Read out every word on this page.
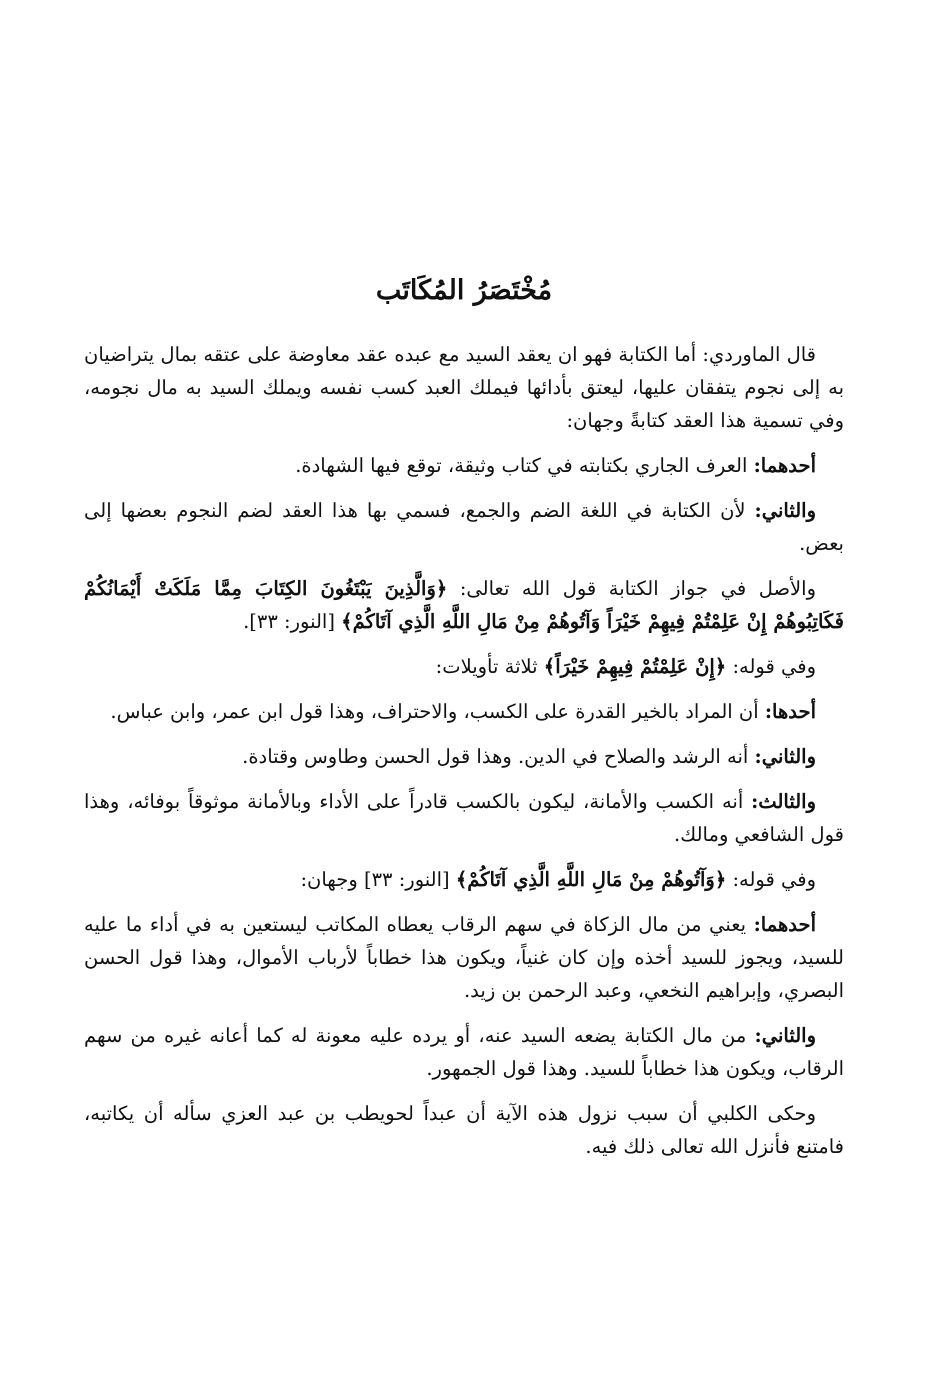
مُخْتَصَرُ المُكَاتَب

قال الماوردي: أما الكتابة فهو ان يعقد السيد مع عبده عقد معاوضة على عتقه بمال يتراضيان به إلى نجوم يتفقان عليها، ليعتق بأدائها فيملك العبد كسب نفسه ويملك السيد به مال نجومه، وفي تسمية هذا العقد كتابةً وجهان:

أحدهما: العرف الجاري بكتابته في كتاب وثيقة، توقع فيها الشهادة.

والثاني: لأن الكتابة في اللغة الضم والجمع، فسمي بها هذا العقد لضم النجوم بعضها إلى بعض.

والأصل في جواز الكتابة قول الله تعالى: ﴿وَالَّذِينَ يَبْتَغُونَ الكِتَابَ مِمَّا مَلَكَتْ أَيْمَانُكُمْ فَكَاتِبُوهُمْ إِنْ عَلِمْتُمْ فِيهِمْ خَيْرَاً وَآتُوهُمْ مِنْ مَالِ اللَّهِ الَّذِي آتَاكُمْ﴾ [النور: ٣٣].

وفي قوله: ﴿إِنْ عَلِمْتُمْ فِيهِمْ خَيْرَاً﴾ ثلاثة تأويلات:

أحدها: أن المراد بالخير القدرة على الكسب، والاحتراف، وهذا قول ابن عمر، وابن عباس.

والثاني: أنه الرشد والصلاح في الدين. وهذا قول الحسن وطاوس وقتادة.

والثالث: أنه الكسب والأمانة، ليكون بالكسب قادراً على الأداء وبالأمانة موثوقاً بوفائه، وهذا قول الشافعي ومالك.

وفي قوله: ﴿وَآتُوهُمْ مِنْ مَالِ اللَّهِ الَّذِي آتَاكُمْ﴾ [النور: ٣٣] وجهان:

أحدهما: يعني من مال الزكاة في سهم الرقاب يعطاه المكاتب ليستعين به في أداء ما عليه للسيد، ويجوز للسيد أخذه وإن كان غنياً، ويكون هذا خطاباً لأرباب الأموال، وهذا قول الحسن البصري، وإبراهيم النخعي، وعبد الرحمن بن زيد.

والثاني: من مال الكتابة يضعه السيد عنه، أو يرده عليه معونة له كما أعانه غيره من سهم الرقاب، ويكون هذا خطاباً للسيد. وهذا قول الجمهور.

وحكى الكلبي أن سبب نزول هذه الآية أن عبداً لحويطب بن عبد العزي سأله أن يكاتبه، فامتنع فأنزل الله تعالى ذلك فيه.
